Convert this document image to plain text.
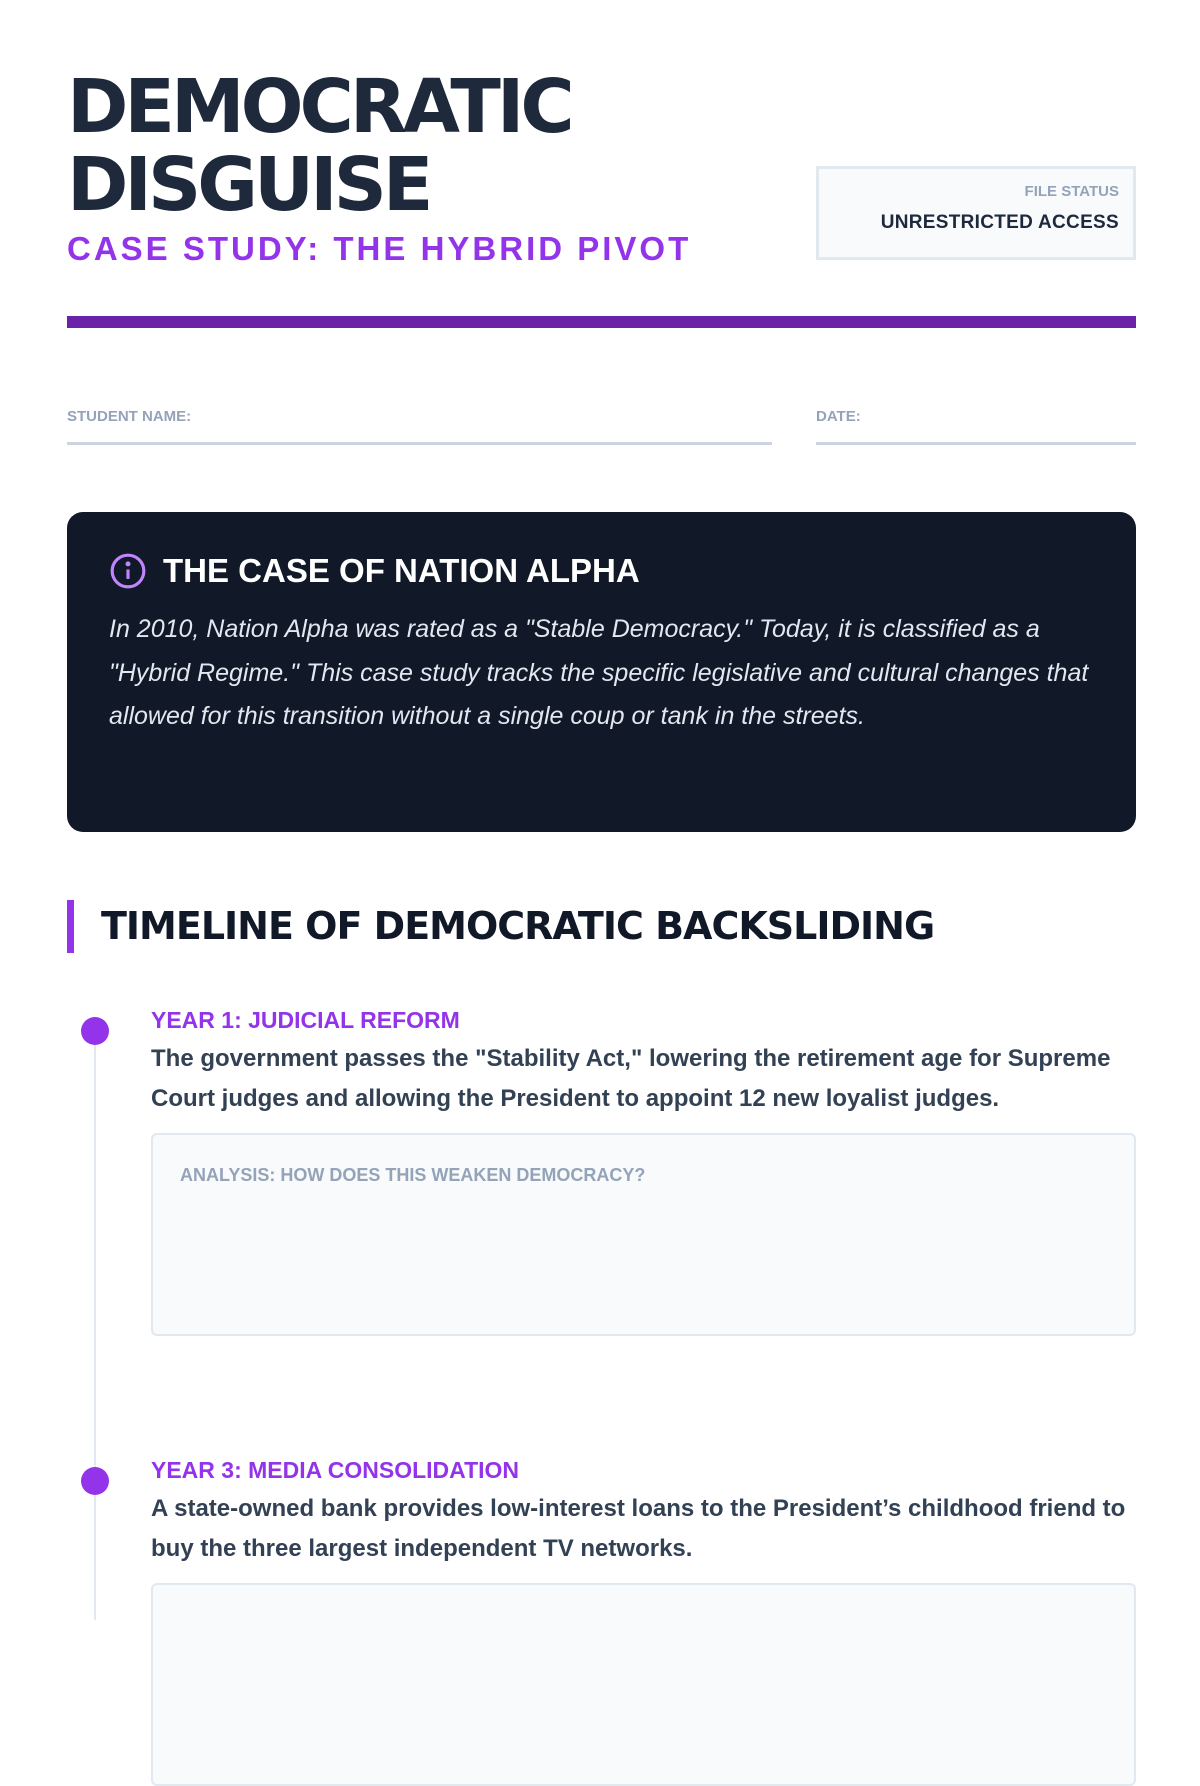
DEMOCRATIC
DISGUISE
CASE STUDY: THE HYBRID PIVOT
FILE STATUS
UNRESTRICTED ACCESS
STUDENT NAME:	DATE:
THE CASE OF NATION ALPHA

In 2010, Nation Alpha was rated as a "Stable Democracy." Today, it is classified as a "Hybrid Regime." This case study tracks the specific legislative and cultural changes that allowed for this transition without a single coup or tank in the streets.

TIMELINE OF DEMOCRATIC BACKSLIDING
YEAR 1: JUDICIAL REFORM

The government passes the "Stability Act," lowering the retirement age for Supreme Court judges and allowing the President to appoint 12 new loyalist judges.

ANALYSIS: HOW DOES THIS WEAKEN DEMOCRACY?
YEAR 3: MEDIA CONSOLIDATION

A state-owned bank provides low-interest loans to the President’s childhood friend to buy the three largest independent TV networks.
